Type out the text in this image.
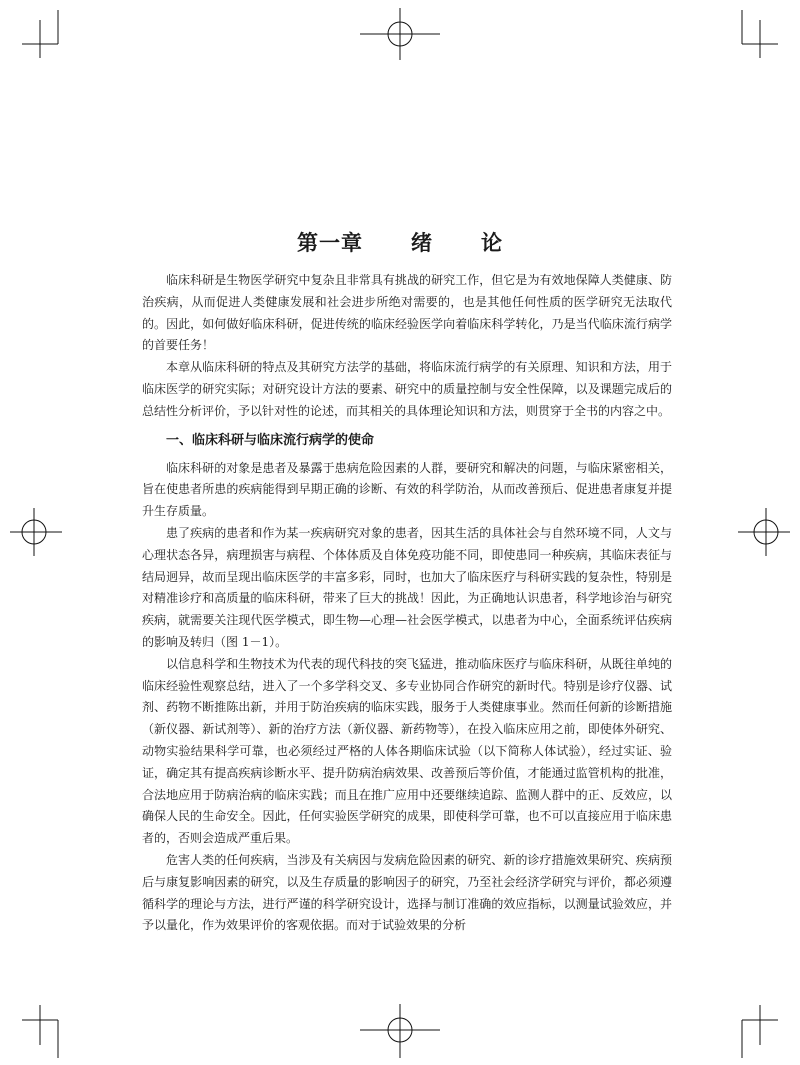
第一章 绪 论

临床科研是生物医学研究中复杂且非常具有挑战的研究工作，但它是为有效地保障人类健康、防治疾病，从而促进人类健康发展和社会进步所绝对需要的，也是其他任何性质的医学研究无法取代的。因此，如何做好临床科研，促进传统的临床经验医学向着临床科学转化，乃是当代临床流行病学的首要任务！

本章从临床科研的特点及其研究方法学的基础，将临床流行病学的有关原理、知识和方法，用于临床医学的研究实际；对研究设计方法的要素、研究中的质量控制与安全性保障，以及课题完成后的总结性分析评价，予以针对性的论述，而其相关的具体理论知识和方法，则贯穿于全书的内容之中。

一、临床科研与临床流行病学的使命

临床科研的对象是患者及暴露于患病危险因素的人群，要研究和解决的问题，与临床紧密相关，旨在使患者所患的疾病能得到早期正确的诊断、有效的科学防治，从而改善预后、促进患者康复并提升生存质量。

患了疾病的患者和作为某一疾病研究对象的患者，因其生活的具体社会与自然环境不同，人文与心理状态各异，病理损害与病程、个体体质及自体免疫功能不同，即使患同一种疾病，其临床表征与结局迥异，故而呈现出临床医学的丰富多彩，同时，也加大了临床医疗与科研实践的复杂性，特别是对精准诊疗和高质量的临床科研，带来了巨大的挑战！因此，为正确地认识患者，科学地诊治与研究疾病，就需要关注现代医学模式，即生物—心理—社会医学模式，以患者为中心，全面系统评估疾病的影响及转归（图 1－1）。

以信息科学和生物技术为代表的现代科技的突飞猛进，推动临床医疗与临床科研，从既往单纯的临床经验性观察总结，进入了一个多学科交叉、多专业协同合作研究的新时代。特别是诊疗仪器、试剂、药物不断推陈出新，并用于防治疾病的临床实践，服务于人类健康事业。然而任何新的诊断措施（新仪器、新试剂等）、新的治疗方法（新仪器、新药物等），在投入临床应用之前，即使体外研究、动物实验结果科学可靠，也必须经过严格的人体各期临床试验（以下简称人体试验），经过实证、验证，确定其有提高疾病诊断水平、提升防病治病效果、改善预后等价值，才能通过监管机构的批准，合法地应用于防病治病的临床实践；而且在推广应用中还要继续追踪、监测人群中的正、反效应，以确保人民的生命安全。因此，任何实验医学研究的成果，即使科学可靠，也不可以直接应用于临床患者的，否则会造成严重后果。

危害人类的任何疾病，当涉及有关病因与发病危险因素的研究、新的诊疗措施效果研究、疾病预后与康复影响因素的研究，以及生存质量的影响因子的研究，乃至社会经济学研究与评价，都必须遵循科学的理论与方法，进行严谨的科学研究设计，选择与制订准确的效应指标，以测量试验效应，并予以量化，作为效果评价的客观依据。而对于试验效果的分析
